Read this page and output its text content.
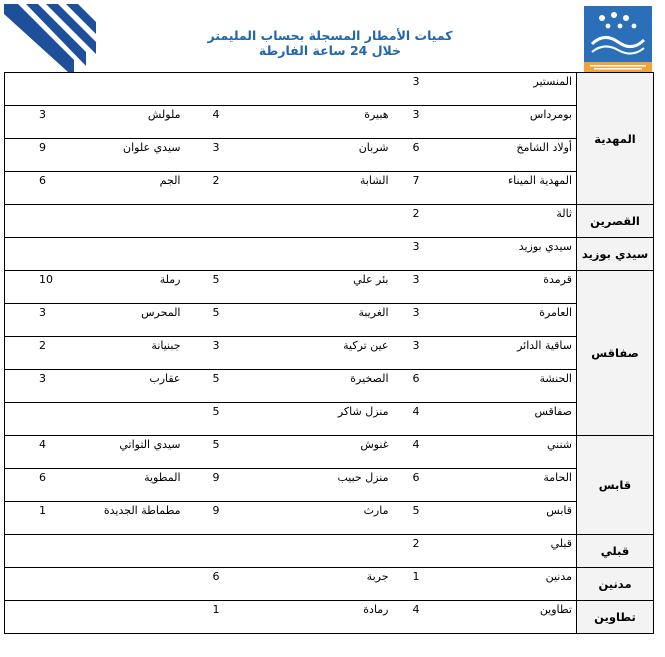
كميات الأمطار المسجلة بحساب المليمتر
خلال 24 ساعة الفارطة

			3 المنستير	المهدية

3 ملولش		4 هبيرة	3 بومرداس	

9 سيدي علوان		3 شربان	6 أولاد الشامخ	

6 الجم		2 الشابة	7 المهدية الميناء	

			2 ثالة	القصرين

			3 سيدي بوزيد	سيدي بوزيد

10 رملة		5 بئر علي	3 قرمدة	صفاقس

3 المحرس		5 الغريبة	3 العامرة	

2 جبنيانة		3 عين تركية	3 ساقية الدائر	

3 عقارب		5 الصخيرة	6 الحنشة	

		5 منزل شاكر	4 صفاقس	

4 سيدي التواتي		5 غنوش	4 شنني	قابس

6 المطوية		9 منزل حبيب	6 الحامة	

1 مطماطة الجديدة		9 مارث	5 قابس	

			2 قبلي	قبلي

		6 جربة	1 مدنين	مدنين

		1 رمادة	4 تطاوين	تطاوين
